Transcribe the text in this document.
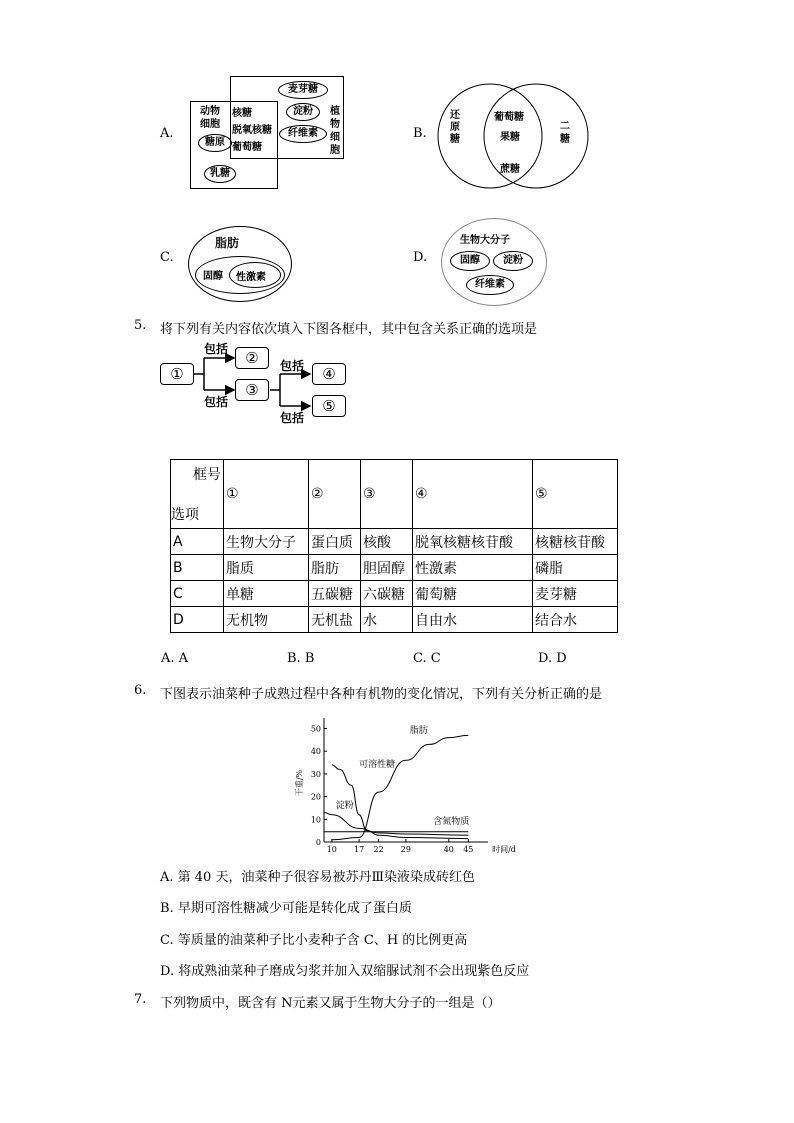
A.
动物
细胞
糖原
核糖
脱氧核糖
葡萄糖
麦芽糖
淀粉
纤维素
植
物
细
胞
乳糖
B.
还
原
糖
葡萄糖
果糖
蔗糖
二
糖
C.
脂肪
固醇 性激素
D.
生物大分子
固醇	淀粉
纤维素
5. 将下列有关内容依次填入下图各框中，其中包含关系正确的选项是
①
②
③
④
⑤
包括
包括
包括
包括
框号
选项	①	②	③	④	⑤
A	生物大分子	蛋白质	核酸	脱氧核糖核苷酸	核糖核苷酸
B	脂质	脂肪	胆固醇	性激素	磷脂
C	单糖	五碳糖	六碳糖	葡萄糖	麦芽糖
D	无机物	无机盐	水	自由水	结合水
A. A	B. B	C. C	D. D
6. 下图表示油菜种子成熟过程中各种有机物的变化情况，下列有关分析正确的是
0
10
20
30
40
50
10 17 22 29	40 45 时间/d
干重/%
脂肪
可溶性糖
淀粉
含氮物质
A. 第 40 天，油菜种子很容易被苏丹Ⅲ染液染成砖红色
B. 早期可溶性糖减少可能是转化成了蛋白质
C. 等质量的油菜种子比小麦种子含 C、H 的比例更高
D. 将成熟油菜种子磨成匀浆并加入双缩脲试剂不会出现紫色反应
7. 下列物质中，既含有 N元素又属于生物大分子的一组是（）
